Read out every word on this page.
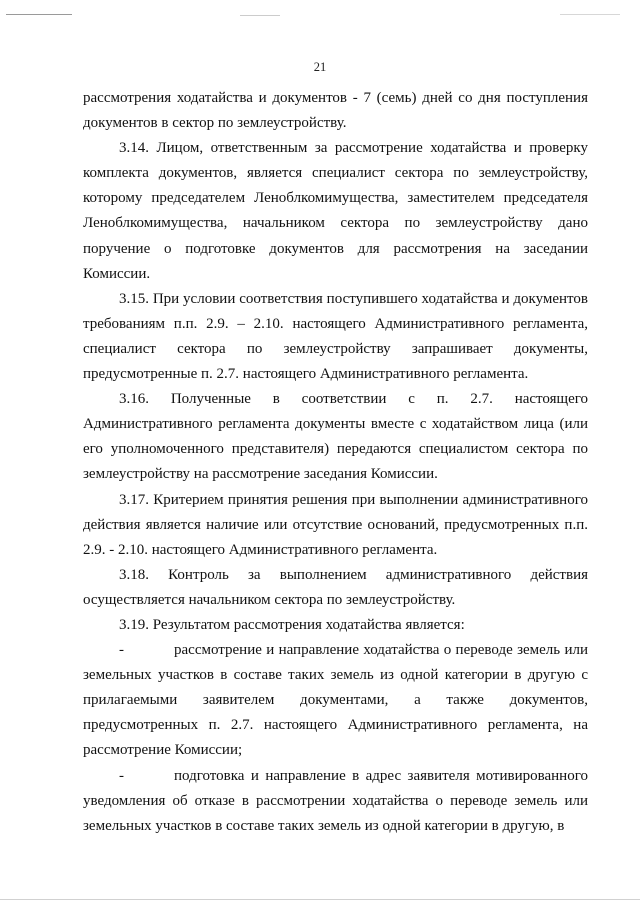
21

рассмотрения ходатайства и документов - 7 (семь) дней со дня поступления документов в сектор по землеустройству.

3.14. Лицом, ответственным за рассмотрение ходатайства и проверку комплекта документов, является специалист сектора по землеустройству, которому председателем Леноблкомимущества, заместителем председателя Леноблкомимущества, начальником сектора по землеустройству дано поручение о подготовке документов для рассмотрения на заседании Комиссии.

3.15. При условии соответствия поступившего ходатайства и документов требованиям п.п. 2.9. – 2.10. настоящего Административного регламента, специалист сектора по землеустройству запрашивает документы, предусмотренные п. 2.7. настоящего Административного регламента.

3.16. Полученные в соответствии с п. 2.7. настоящего Административного регламента документы вместе с ходатайством лица (или его уполномоченного представителя) передаются специалистом сектора по землеустройству на рассмотрение заседания Комиссии.

3.17. Критерием принятия решения при выполнении административного действия является наличие или отсутствие оснований, предусмотренных п.п. 2.9. - 2.10. настоящего Административного регламента.

3.18. Контроль за выполнением административного действия осуществляется начальником сектора по землеустройству.

3.19. Результатом рассмотрения ходатайства является:

-	рассмотрение и направление ходатайства о переводе земель или земельных участков в составе таких земель из одной категории в другую с прилагаемыми заявителем документами, а также документов, предусмотренных п. 2.7. настоящего Административного регламента, на рассмотрение Комиссии;

-	подготовка и направление в адрес заявителя мотивированного уведомления об отказе в рассмотрении ходатайства о переводе земель или земельных участков в составе таких земель из одной категории в другую, в
